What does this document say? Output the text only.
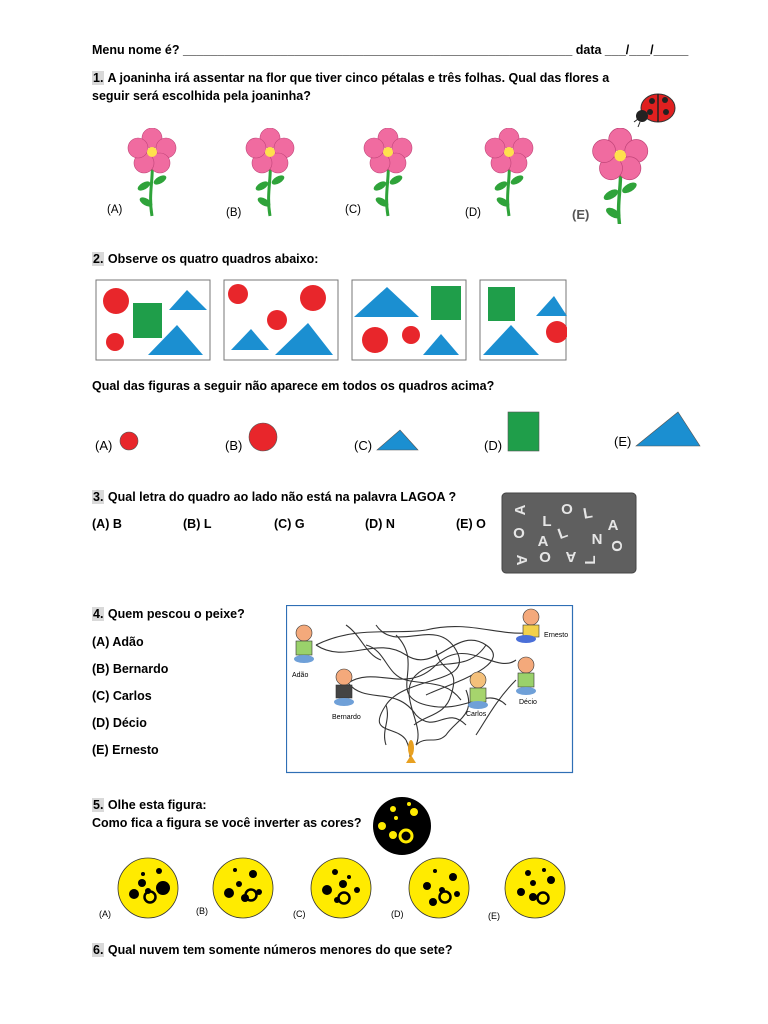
Menu nome é? ________________________________________________________ data ___/___/_____
1. A joaninha irá assentar na flor que tiver cinco pétalas e três folhas. Qual das flores a
seguir será escolhida pela joaninha?
(A)	(B)	(C)	(D)	(E)
2. Observe os quatro quadros abaixo:
Qual das figuras a seguir não aparece em todos os quadros acima?
(A)	(B)	(C)	(D)	(E)
3. Qual letra do quadro ao lado não está na palavra LAGOA ?
(A) B	(B) L	(C) G	(D) N	(E) O
A
L
O L
A
O A L N O
A O A L
4. Quem pescou o peixe?
(A) Adão
(B) Bernardo
(C) Carlos
(D) Décio
(E) Ernesto
Ernesto
Adão
Bernardo	Carlos
Décio
5. Olhe esta figura:
Como fica a figura se você inverter as cores?
(A)	(B)	(C)	(D)	(E)
6. Qual nuvem tem somente números menores do que sete?
